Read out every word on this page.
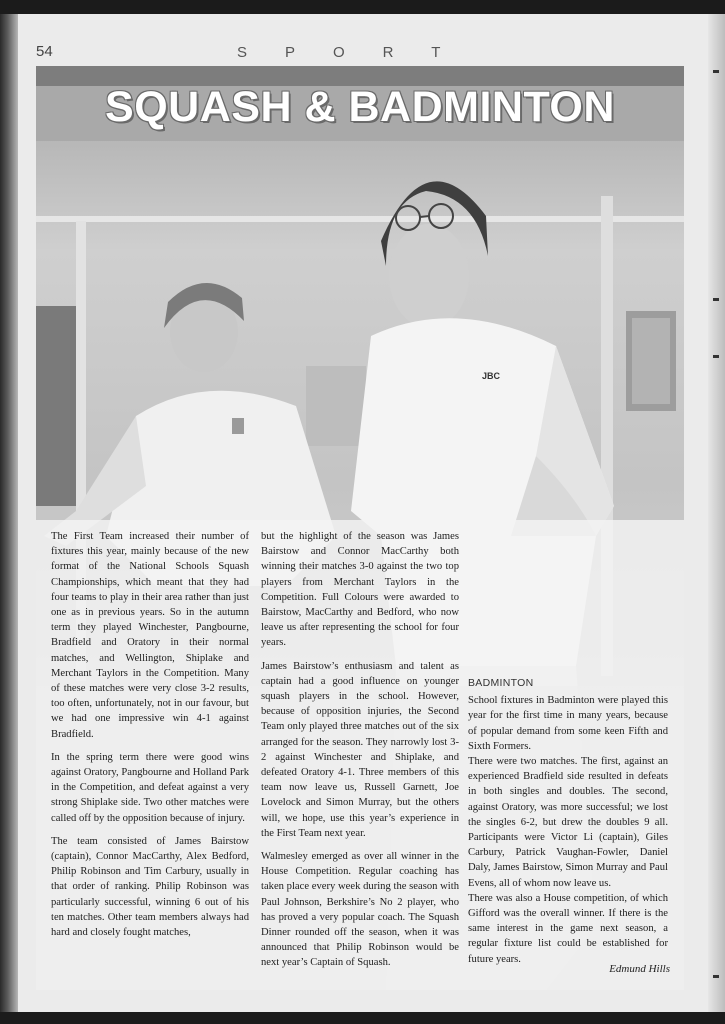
54	SPORT
JBC
SQUASH & BADMINTON

The First Team increased their number of fixtures this year, mainly because of the new format of the National Schools Squash Championships, which meant that they had four teams to play in their area rather than just one as in previous years. So in the autumn term they played Winchester, Pangbourne, Bradfield and Oratory in their normal matches, and Wellington, Shiplake and Merchant Taylors in the Competition. Many of these matches were very close 3-2 results, too often, unfortunately, not in our favour, but we had one impressive win 4-1 against Bradfield.

In the spring term there were good wins against Oratory, Pangbourne and Holland Park in the Competition, and defeat against a very strong Shiplake side. Two other matches were called off by the opposition because of injury.

The team consisted of James Bairstow (captain), Connor MacCarthy, Alex Bedford, Philip Robinson and Tim Carbury, usually in that order of ranking. Philip Robinson was particularly successful, winning 6 out of his ten matches. Other team members always had hard and closely fought matches,

but the highlight of the season was James Bairstow and Connor MacCarthy both winning their matches 3-0 against the two top players from Merchant Taylors in the Competition. Full Colours were awarded to Bairstow, MacCarthy and Bedford, who now leave us after representing the school for four years.

James Bairstow’s enthusiasm and talent as captain had a good influence on younger squash players in the school. However, because of opposition injuries, the Second Team only played three matches out of the six arranged for the season. They narrowly lost 3-2 against Winchester and Shiplake, and defeated Oratory 4-1. Three members of this team now leave us, Russell Garnett, Joe Lovelock and Simon Murray, but the others will, we hope, use this year’s experience in the First Team next year.

Walmesley emerged as over all winner in the House Competition. Regular coaching has taken place every week during the season with Paul Johnson, Berkshire’s No 2 player, who has proved a very popular coach. The Squash Dinner rounded off the season, when it was announced that Philip Robinson would be next year’s Captain of Squash.

BADMINTON

School fixtures in Badminton were played this year for the first time in many years, because of popular demand from some keen Fifth and Sixth Formers.

There were two matches. The first, against an experienced Bradfield side resulted in defeats in both singles and doubles. The second, against Oratory, was more successful; we lost the singles 6-2, but drew the doubles 9 all. Participants were Victor Li (captain), Giles Carbury, Patrick Vaughan-Fowler, Daniel Daly, James Bairstow, Simon Murray and Paul Evens, all of whom now leave us.

There was also a House competition, of which Gifford was the overall winner. If there is the same interest in the game next season, a regular fixture list could be established for future years.

Edmund Hills
